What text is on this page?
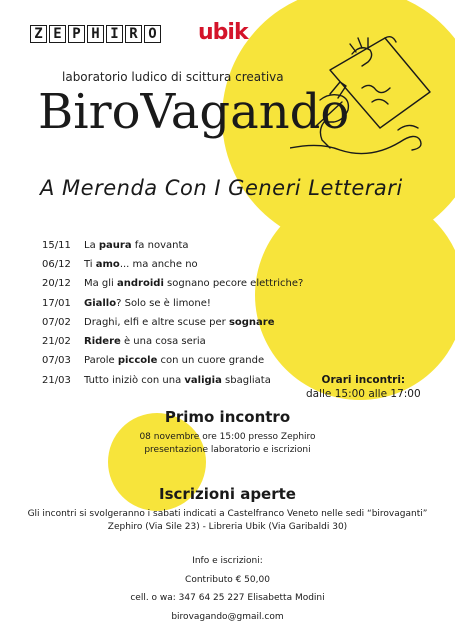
Z E P H I R O ubik
laboratorio ludico di scittura creativa
BiroVagando
A Merenda Con I Generi Letterari
15/11	La paura fa novanta
06/12	Ti amo... ma anche no
20/12	Ma gli androidi sognano pecore elettriche?
17/01	Giallo? Solo se è limone!
07/02	Draghi, elfi e altre scuse per sognare
21/02	Ridere è una cosa seria
07/03	Parole piccole con un cuore grande
21/03	Tutto iniziò con una valigia sbagliata	Orari incontri:
dalle 15:00 alle 17:00
Primo incontro
08 novembre ore 15:00 presso Zephiro
presentazione laboratorio e iscrizioni
Iscrizioni aperte
Gli incontri si svolgeranno i sabati indicati a Castelfranco Veneto nelle sedi “birovaganti”
Zephiro (Via Sile 23) - Libreria Ubik (Via Garibaldi 30)
Info e iscrizioni:
Contributo € 50,00
cell. o wa: 347 64 25 227 Elisabetta Modini
birovagando@gmail.com
